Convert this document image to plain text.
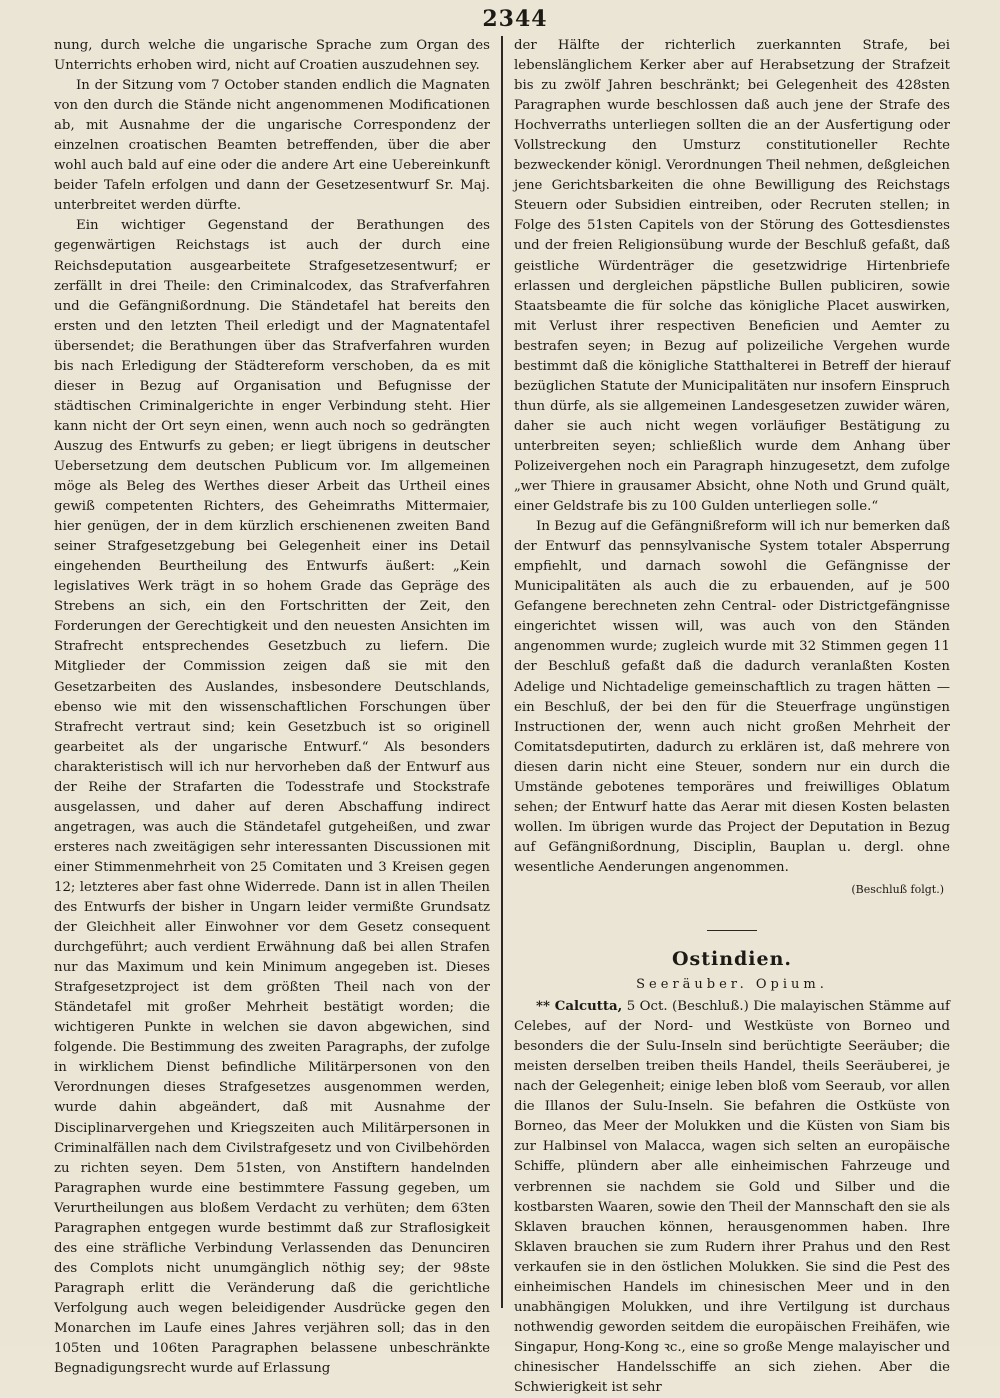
2344

nung, durch welche die ungarische Sprache zum Organ des Unterrichts erhoben wird, nicht auf Croatien auszudehnen sey.

In der Sitzung vom 7 October standen endlich die Magnaten von den durch die Stände nicht angenommenen Modificationen ab, mit Ausnahme der die ungarische Correspondenz der einzelnen croatischen Beamten betreffenden, über die aber wohl auch bald auf eine oder die andere Art eine Uebereinkunft beider Tafeln erfolgen und dann der Gesetzesentwurf Sr. Maj. unterbreitet werden dürfte.

Ein wichtiger Gegenstand der Berathungen des gegenwärtigen Reichstags ist auch der durch eine Reichsdeputation ausgearbeitete Strafgesetzesentwurf; er zerfällt in drei Theile: den Criminalcodex, das Strafverfahren und die Gefängnißordnung. Die Ständetafel hat bereits den ersten und den letzten Theil erledigt und der Magnatentafel übersendet; die Berathungen über das Strafverfahren wurden bis nach Erledigung der Städtereform verschoben, da es mit dieser in Bezug auf Organisation und Befugnisse der städtischen Criminalgerichte in enger Verbindung steht. Hier kann nicht der Ort seyn einen, wenn auch noch so gedrängten Auszug des Entwurfs zu geben; er liegt übrigens in deutscher Uebersetzung dem deutschen Publicum vor. Im allgemeinen möge als Beleg des Werthes dieser Arbeit das Urtheil eines gewiß competenten Richters, des Geheimraths Mittermaier, hier genügen, der in dem kürzlich erschienenen zweiten Band seiner Strafgesetzgebung bei Gelegenheit einer ins Detail eingehenden Beurtheilung des Entwurfs äußert: „Kein legislatives Werk trägt in so hohem Grade das Gepräge des Strebens an sich, ein den Fortschritten der Zeit, den Forderungen der Gerechtigkeit und den neuesten Ansichten im Strafrecht entsprechendes Gesetzbuch zu liefern. Die Mitglieder der Commission zeigen daß sie mit den Gesetzarbeiten des Auslandes, insbesondere Deutschlands, ebenso wie mit den wissenschaftlichen Forschungen über Strafrecht vertraut sind; kein Gesetzbuch ist so originell gearbeitet als der ungarische Entwurf.“ Als besonders charakteristisch will ich nur hervorheben daß der Entwurf aus der Reihe der Strafarten die Todesstrafe und Stockstrafe ausgelassen, und daher auf deren Abschaffung indirect angetragen, was auch die Ständetafel gutgeheißen, und zwar ersteres nach zweitägigen sehr interessanten Discussionen mit einer Stimmenmehrheit von 25 Comitaten und 3 Kreisen gegen 12; letzteres aber fast ohne Widerrede. Dann ist in allen Theilen des Entwurfs der bisher in Ungarn leider vermißte Grundsatz der Gleichheit aller Einwohner vor dem Gesetz consequent durchgeführt; auch verdient Erwähnung daß bei allen Strafen nur das Maximum und kein Minimum angegeben ist. Dieses Strafgesetzproject ist dem größten Theil nach von der Ständetafel mit großer Mehrheit bestätigt worden; die wichtigeren Punkte in welchen sie davon abgewichen, sind folgende. Die Bestimmung des zweiten Paragraphs, der zufolge in wirklichem Dienst befindliche Militärpersonen von den Verordnungen dieses Strafgesetzes ausgenommen werden, wurde dahin abgeändert, daß mit Ausnahme der Disciplinarvergehen und Kriegszeiten auch Militärpersonen in Criminalfällen nach dem Civilstrafgesetz und von Civilbehörden zu richten seyen. Dem 51sten, von Anstiftern handelnden Paragraphen wurde eine bestimmtere Fassung gegeben, um Verurtheilungen aus bloßem Verdacht zu verhüten; dem 63ten Paragraphen entgegen wurde bestimmt daß zur Straflosigkeit des eine sträfliche Verbindung Verlassenden das Denunciren des Complots nicht unumgänglich nöthig sey; der 98ste Paragraph erlitt die Veränderung daß die gerichtliche Verfolgung auch wegen beleidigender Ausdrücke gegen den Monarchen im Laufe eines Jahres verjähren soll; das in den 105ten und 106ten Paragraphen belassene unbeschränkte Begnadigungsrecht wurde auf Erlassung

der Hälfte der richterlich zuerkannten Strafe, bei lebenslänglichem Kerker aber auf Herabsetzung der Strafzeit bis zu zwölf Jahren beschränkt; bei Gelegenheit des 428sten Paragraphen wurde beschlossen daß auch jene der Strafe des Hochverraths unterliegen sollten die an der Ausfertigung oder Vollstreckung den Umsturz constitutioneller Rechte bezweckender königl. Verordnungen Theil nehmen, deßgleichen jene Gerichtsbarkeiten die ohne Bewilligung des Reichstags Steuern oder Subsidien eintreiben, oder Recruten stellen; in Folge des 51sten Capitels von der Störung des Gottesdienstes und der freien Religionsübung wurde der Beschluß gefaßt, daß geistliche Würdenträger die gesetzwidrige Hirtenbriefe erlassen und dergleichen päpstliche Bullen publiciren, sowie Staatsbeamte die für solche das königliche Placet auswirken, mit Verlust ihrer respectiven Beneficien und Aemter zu bestrafen seyen; in Bezug auf polizeiliche Vergehen wurde bestimmt daß die königliche Statthalterei in Betreff der hierauf bezüglichen Statute der Municipalitäten nur insofern Einspruch thun dürfe, als sie allgemeinen Landesgesetzen zuwider wären, daher sie auch nicht wegen vorläufiger Bestätigung zu unterbreiten seyen; schließlich wurde dem Anhang über Polizeivergehen noch ein Paragraph hinzugesetzt, dem zufolge „wer Thiere in grausamer Absicht, ohne Noth und Grund quält, einer Geldstrafe bis zu 100 Gulden unterliegen solle.“

In Bezug auf die Gefängnißreform will ich nur bemerken daß der Entwurf das pennsylvanische System totaler Absperrung empfiehlt, und darnach sowohl die Gefängnisse der Municipalitäten als auch die zu erbauenden, auf je 500 Gefangene berechneten zehn Central- oder Districtgefängnisse eingerichtet wissen will, was auch von den Ständen angenommen wurde; zugleich wurde mit 32 Stimmen gegen 11 der Beschluß gefaßt daß die dadurch veranlaßten Kosten Adelige und Nichtadelige gemeinschaftlich zu tragen hätten — ein Beschluß, der bei den für die Steuerfrage ungünstigen Instructionen der, wenn auch nicht großen Mehrheit der Comitatsdeputirten, dadurch zu erklären ist, daß mehrere von diesen darin nicht eine Steuer, sondern nur ein durch die Umstände gebotenes temporäres und freiwilliges Oblatum sehen; der Entwurf hatte das Aerar mit diesen Kosten belasten wollen. Im übrigen wurde das Project der Deputation in Bezug auf Gefängnißordnung, Disciplin, Bauplan u. dergl. ohne wesentliche Aenderungen angenommen.

(Beschluß folgt.)
Ostindien.
Seeräuber. Opium.

** Calcutta, 5 Oct. (Beschluß.) Die malayischen Stämme auf Celebes, auf der Nord- und Westküste von Borneo und besonders die der Sulu-Inseln sind berüchtigte Seeräuber; die meisten derselben treiben theils Handel, theils Seeräuberei, je nach der Gelegenheit; einige leben bloß vom Seeraub, vor allen die Illanos der Sulu-Inseln. Sie befahren die Ostküste von Borneo, das Meer der Molukken und die Küsten von Siam bis zur Halbinsel von Malacca, wagen sich selten an europäische Schiffe, plündern aber alle einheimischen Fahrzeuge und verbrennen sie nachdem sie Gold und Silber und die kostbarsten Waaren, sowie den Theil der Mannschaft den sie als Sklaven brauchen können, herausgenommen haben. Ihre Sklaven brauchen sie zum Rudern ihrer Prahus und den Rest verkaufen sie in den östlichen Molukken. Sie sind die Pest des einheimischen Handels im chinesischen Meer und in den unabhängigen Molukken, und ihre Vertilgung ist durchaus nothwendig geworden seitdem die europäischen Freihäfen, wie Singapur, Hong-Kong ꝛc., eine so große Menge malayischer und chinesischer Handelsschiffe an sich ziehen. Aber die Schwierigkeit ist sehr
